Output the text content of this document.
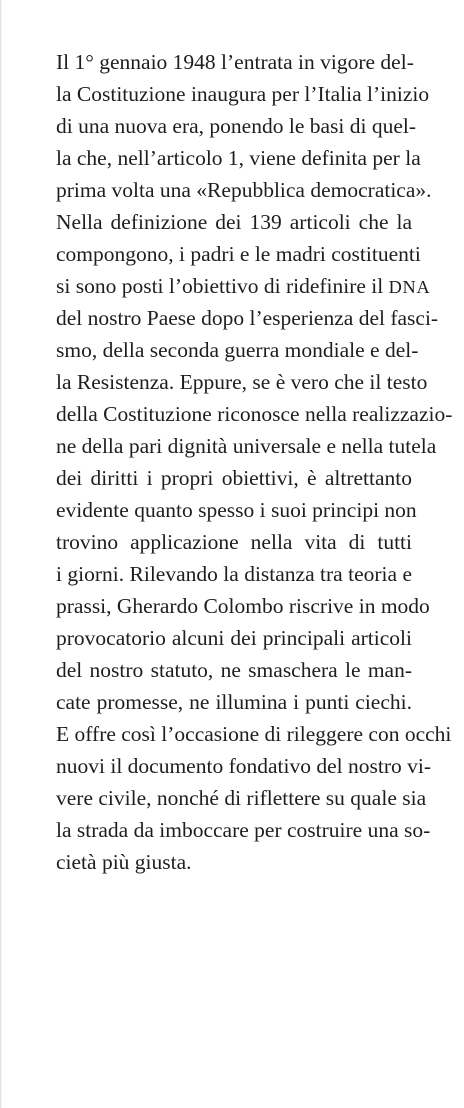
Il 1° gennaio 1948 l’entrata in vigore del-
la Costituzione inaugura per l’Italia l’inizio
di una nuova era, ponendo le basi di quel-
la che, nell’articolo 1, viene definita per la
prima volta una «Repubblica democratica».
Nella definizione dei 139 articoli che la
compongono, i padri e le madri costituenti
si sono posti l’obiettivo di ridefinire il DNA
del nostro Paese dopo l’esperienza del fasci-
smo, della seconda guerra mondiale e del-
la Resistenza. Eppure, se è vero che il testo
della Costituzione riconosce nella realizzazio-
ne della pari dignità universale e nella tutela
dei diritti i propri obiettivi, è altrettanto
evidente quanto spesso i suoi principi non
trovino applicazione nella vita di tutti
i giorni. Rilevando la distanza tra teoria e
prassi, Gherardo Colombo riscrive in modo
provocatorio alcuni dei principali articoli
del nostro statuto, ne smaschera le man-
cate promesse, ne illumina i punti ciechi.
E offre così l’occasione di rileggere con occhi
nuovi il documento fondativo del nostro vi-
vere civile, nonché di riflettere su quale sia
la strada da imboccare per costruire una so-
cietà più giusta.
